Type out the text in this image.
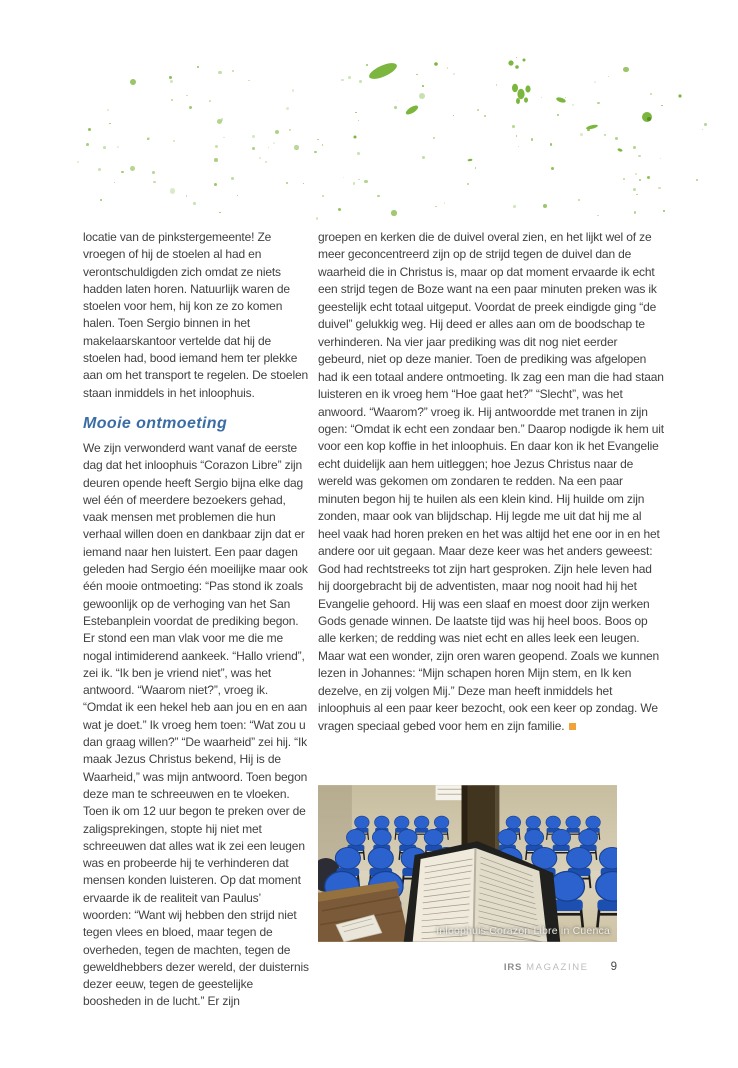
locatie van de pinkstergemeente! Ze vroegen of hij de stoelen al had en verontschuldigden zich omdat ze niets hadden laten horen. Natuurlijk waren de stoelen voor hem, hij kon ze zo komen halen. Toen Sergio binnen in het makelaarskantoor vertelde dat hij de stoelen had, bood iemand hem ter plekke aan om het transport te regelen. De stoelen staan inmiddels in het inloophuis.

Mooie ontmoeting

We zijn verwonderd want vanaf de eerste dag dat het inloophuis “Corazon Libre” zijn deuren opende heeft Sergio bijna elke dag wel één of meerdere bezoekers gehad, vaak mensen met problemen die hun verhaal willen doen en dankbaar zijn dat er iemand naar hen luistert. Een paar dagen geleden had Sergio één moeilijke maar ook één mooie ontmoeting: “Pas stond ik zoals gewoonlijk op de verhoging van het San Estebanplein voordat de prediking begon. Er stond een man vlak voor me die me nogal intimiderend aankeek. “Hallo vriend”, zei ik. “Ik ben je vriend niet”, was het antwoord. “Waarom niet?”, vroeg ik. “Omdat ik een hekel heb aan jou en en aan wat je doet.” Ik vroeg hem toen: “Wat zou u dan graag willen?” “De waarheid” zei hij. “Ik maak Jezus Christus bekend, Hij is de Waarheid,” was mijn antwoord. Toen begon deze man te schreeuwen en te vloeken. Toen ik om 12 uur begon te preken over de zaligsprekingen, stopte hij niet met schreeuwen dat alles wat ik zei een leugen was en probeerde hij te verhinderen dat mensen konden luisteren. Op dat moment ervaarde ik de realiteit van Paulus’ woorden: “Want wij hebben den strijd niet tegen vlees en bloed, maar tegen de overheden, tegen de machten, tegen de geweldhebbers dezer wereld, der duisternis dezer eeuw, tegen de geestelijke boosheden in de lucht.” Er zijn

groepen en kerken die de duivel overal zien, en het lijkt wel of ze meer geconcentreerd zijn op de strijd tegen de duivel dan de waarheid die in Christus is, maar op dat moment ervaarde ik echt een strijd tegen de Boze want na een paar minuten preken was ik geestelijk echt totaal uitgeput. Voordat de preek eindigde ging “de duivel” gelukkig weg. Hij deed er alles aan om de boodschap te verhinderen. Na vier jaar prediking was dit nog niet eerder gebeurd, niet op deze manier. Toen de prediking was afgelopen had ik een totaal andere ontmoeting. Ik zag een man die had staan luisteren en ik vroeg hem “Hoe gaat het?” “Slecht”, was het anwoord. “Waarom?” vroeg ik. Hij antwoordde met tranen in zijn ogen: “Omdat ik echt een zondaar ben.” Daarop nodigde ik hem uit voor een kop koffie in het inloophuis. En daar kon ik het Evangelie echt duidelijk aan hem uitleggen; hoe Jezus Christus naar de wereld was gekomen om zondaren te redden. Na een paar minuten begon hij te huilen als een klein kind. Hij huilde om zijn zonden, maar ook van blijdschap. Hij legde me uit dat hij me al heel vaak had horen preken en het was altijd het ene oor in en het andere oor uit gegaan. Maar deze keer was het anders geweest: God had rechtstreeks tot zijn hart gesproken. Zijn hele leven had hij doorgebracht bij de adventisten, maar nog nooit had hij het Evangelie gehoord. Hij was een slaaf en moest door zijn werken Gods genade winnen. De laatste tijd was hij heel boos. Boos op alle kerken; de redding was niet echt en alles leek een leugen. Maar wat een wonder, zijn oren waren geopend. Zoals we kunnen lezen in Johannes: “Mijn schapen horen Mijn stem, en Ik ken dezelve, en zij volgen Mij.” Deze man heeft inmiddels het inloophuis al een paar keer bezocht, ook een keer op zondag. We vragen speciaal gebed voor hem en zijn familie.

Inloophuis Corazon Libre in Cuenca
IRS MAGAZINE 9
